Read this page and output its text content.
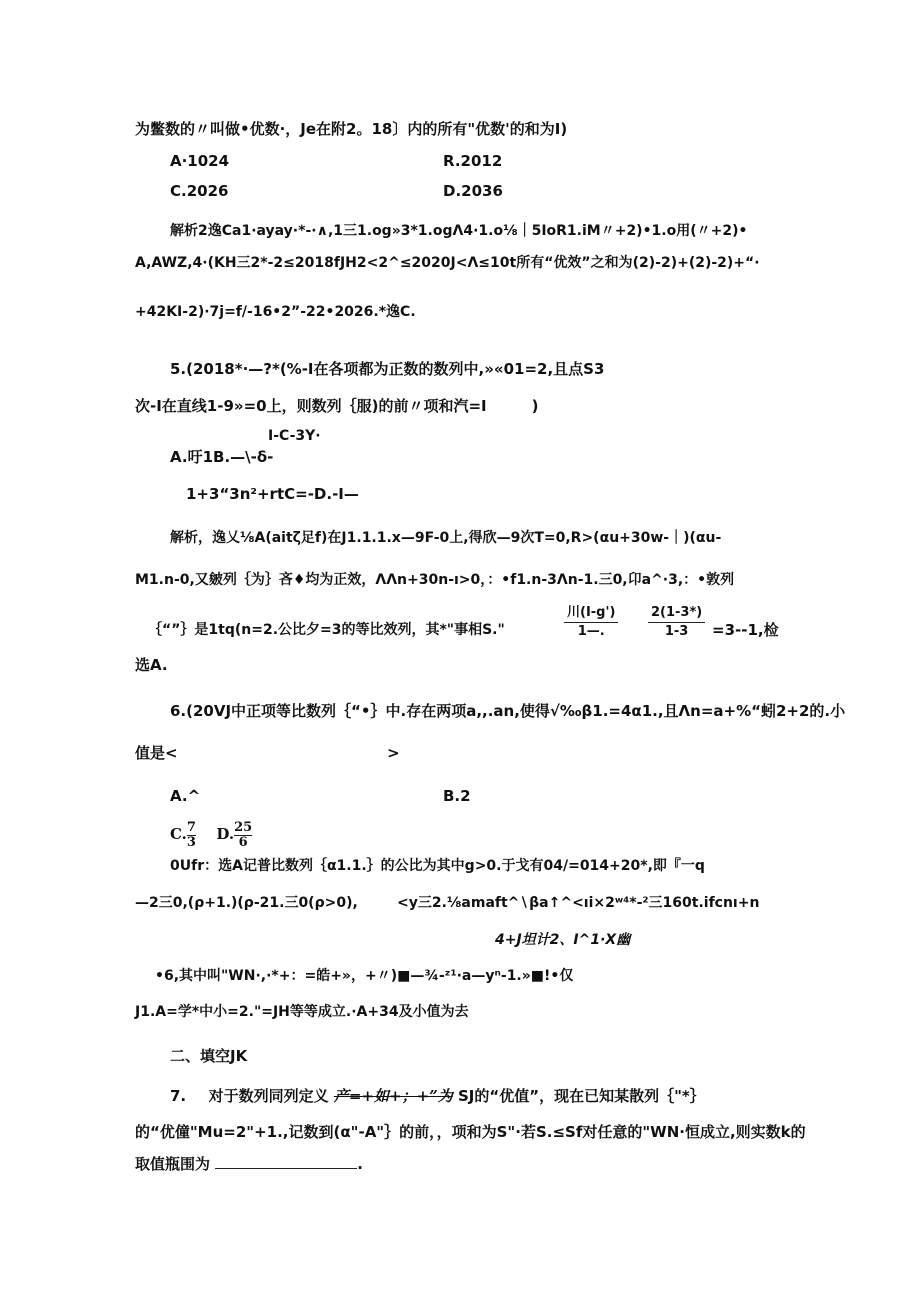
为鳖数的〃叫做•优数·，Je在附2。18〕内的所有"优数'的和为I)
A·1024	R.2012
C.2026	D.2036
解析2逸Ca1·ayay·*-·∧,1三1.og»3*1.ogΛ4·1.o⅛｜5IoR1.iM〃+2)•1.o用(〃+2)•
A,AWZ,4·(KH三2*-2≤2018fJH2<2^≤2020J<Λ≤10t所有“优效”之和为(2)-2)+(2)-2)+“·
+42KI-2)·7j=f/-16•2”-22•2026.*逸C.
5.(2018*·—?*(%-I在各项都为正数的数列中,»«01=2,且点S3
次-I在直线1-9»=0上，则数列｛服)的前〃项和汽=I　　　)
I-C-3Y·
A.吁1B.—\-δ-
1+3“3n²+rtC=-D.-I—
解析，逸乂⅛A(aitζ足f)在J1.1.1.x—9F-0上,得欣—9次T=0,R>(αu+30w-｜)(αu-
M1.n-0,又皴列｛为｝吝♦均为正效，ΛΛn+30n-ı>0，：•f1.n-3Λn-1.三0,卬a^·3,：•敦列
｛“”｝是1tq(n=2.公比夕=3的等比效列，其*"事相S."
川(I-g')
1—.	$\frac{2(1-3*)}{1-3} =3--1$,检
选A.
6.(20VJ中正项等比数列｛“•｝中.存在两项a,,.an,使得√‰β1.=4α1.,且Λn=a+%“蚓2+2的.小
值是<	>
A.^	B.2
C. $\frac{7}{3} D$. $\frac{25}{6}$
0Ufr：选A记普比数列｛α1.1.｝的公比为其中g>0.于戈有04/=014+20*,即『一q
—2三0,(ρ+1.)(ρ-21.三0(ρ>0),	<y三2.⅛amaft^∖βa↑^<ıi×2ʷ⁴*-²三160t.ifcnı+n
4+J坦计2、I^1·X幽
•6,其中叫"WN·,·*+：=皓+»，+〃)■—¾-ᶻ¹·a—yⁿ-1.»■!•仅
J1.A=学*中小=2."=JH等等成立.·A+34及小值为去
二、填空JK
7. 对于数列同列定义 产=+如+；+”为 SJ的“优值”，现在已知某散列｛"*｝
的“优僮"Mu=2"+1.,记数到(α"-A"｝的前，，项和为S"·若S.≤Sf对任意的"WN·恒成立,则实数k的
取值瓶围为	.
